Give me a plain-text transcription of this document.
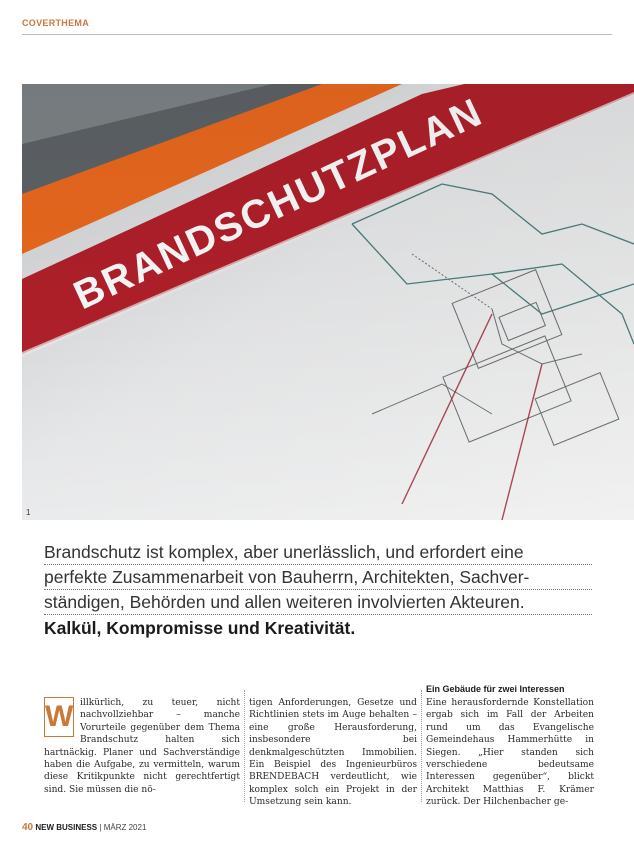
COVERTHEMA
1
Brandschutz ist komplex, aber unerlässlich, und erfordert eine
perfekte Zusammenarbeit von Bauherrn, Architekten, Sachver-
ständigen, Behörden und allen weiteren involvierten Akteuren.
Kalkül, Kompromisse und Kreativität.
W illkürlich, zu teuer, nicht nachvollziehbar – manche Vorurteile gegenüber dem Thema Brandschutz halten sich hartnäckig. Planer und Sachverständige haben die Aufgabe, zu vermitteln, warum diese Kritikpunkte nicht gerechtfertigt sind. Sie müssen die nö-
tigen Anforderungen, Gesetze und Richtlinien stets im Auge behalten – eine große Herausforderung, insbesondere bei denkmalgeschützten Immobilien. Ein Beispiel des Ingenieurbüros BRENDEBACH verdeutlicht, wie komplex solch ein Projekt in der Umsetzung sein kann.
Ein Gebäude für zwei Interessen
Eine herausfordernde Konstellation ergab sich im Fall der Arbeiten rund um das Evangelische Gemeindehaus Hammerhütte in Siegen. „Hier standen sich verschiedene bedeutsame Interessen gegenüber“, blickt Architekt Matthias F. Krämer zurück. Der Hilchenbacher ge-
40 NEW BUSINESS | MÄRZ 2021
